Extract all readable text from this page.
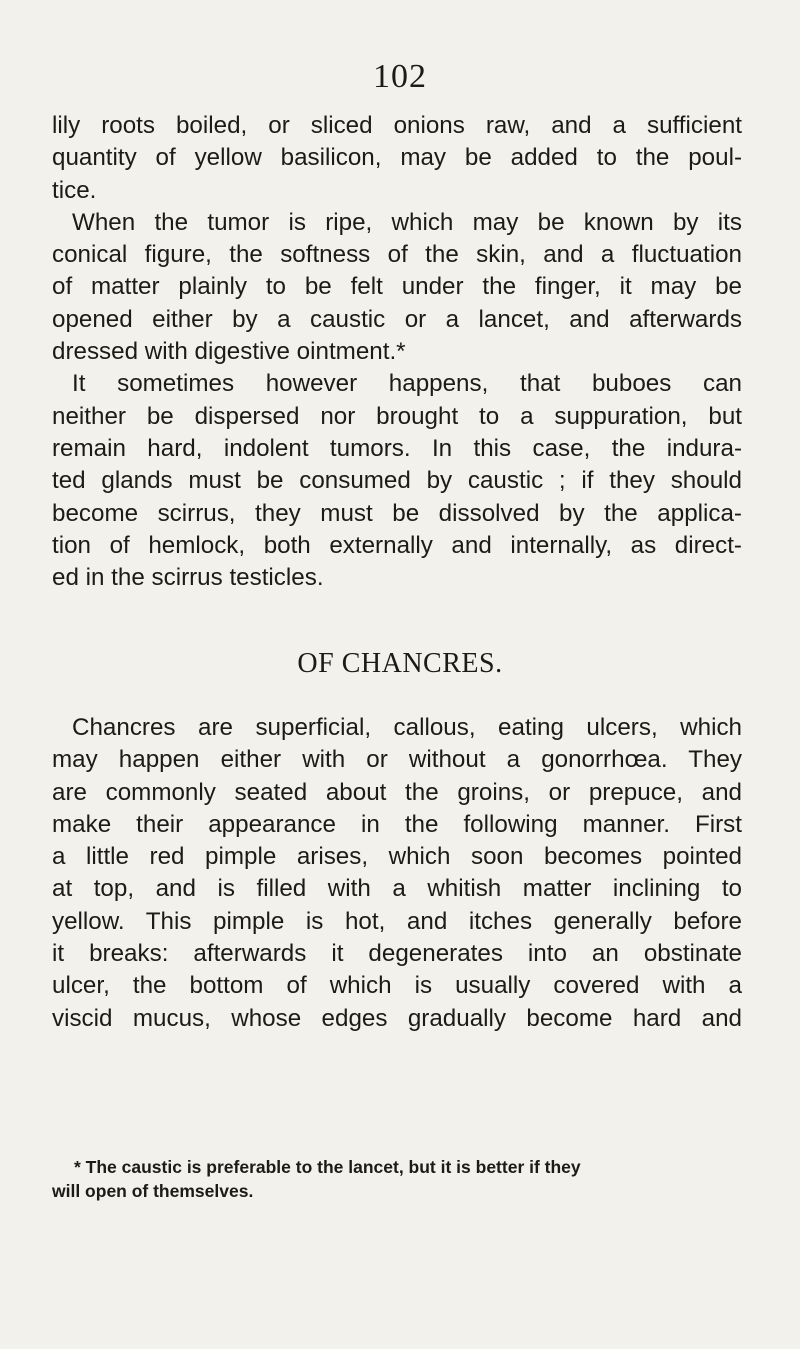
102

lily roots boiled, or sliced onions raw, and a sufficient
quantity of yellow basilicon, may be added to the poul-
tice.

When the tumor is ripe, which may be known by its
conical figure, the softness of the skin, and a fluctuation
of matter plainly to be felt under the finger, it may be
opened either by a caustic or a lancet, and afterwards
dressed with digestive ointment.*

It sometimes however happens, that buboes can
neither be dispersed nor brought to a suppuration, but
remain hard, indolent tumors. In this case, the indura-
ted glands must be consumed by caustic ; if they should
become scirrus, they must be dissolved by the applica-
tion of hemlock, both externally and internally, as direct-
ed in the scirrus testicles.

OF CHANCRES.

Chancres are superficial, callous, eating ulcers, which
may happen either with or without a gonorrhœa. They
are commonly seated about the groins, or prepuce, and
make their appearance in the following manner. First
a little red pimple arises, which soon becomes pointed
at top, and is filled with a whitish matter inclining to
yellow. This pimple is hot, and itches generally before
it breaks: afterwards it degenerates into an obstinate
ulcer, the bottom of which is usually covered with a
viscid mucus, whose edges gradually become hard and

* The caustic is preferable to the lancet, but it is better if they
will open of themselves.
